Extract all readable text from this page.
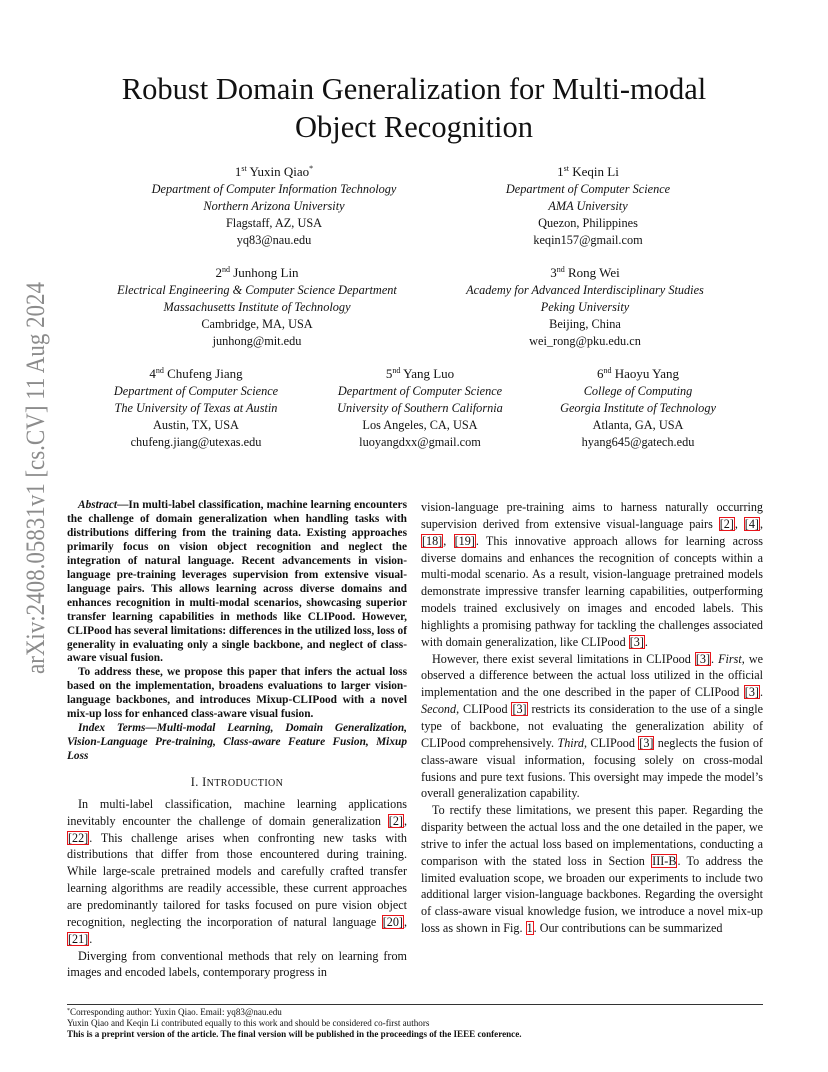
arXiv:2408.05831v1 [cs.CV] 11 Aug 2024
Robust Domain Generalization for Multi-modal
Object Recognition
1st Yuxin Qiao*
Department of Computer Information Technology
Northern Arizona University
Flagstaff, AZ, USA
yq83@nau.edu
1st Keqin Li
Department of Computer Science
AMA University
Quezon, Philippines
keqin157@gmail.com
2nd Junhong Lin
Electrical Engineering & Computer Science Department
Massachusetts Institute of Technology
Cambridge, MA, USA
junhong@mit.edu
3nd Rong Wei
Academy for Advanced Interdisciplinary Studies
Peking University
Beijing, China
wei_rong@pku.edu.cn
4nd Chufeng Jiang
Department of Computer Science
The University of Texas at Austin
Austin, TX, USA
chufeng.jiang@utexas.edu
5nd Yang Luo
Department of Computer Science
University of Southern California
Los Angeles, CA, USA
luoyangdxx@gmail.com
6nd Haoyu Yang
College of Computing
Georgia Institute of Technology
Atlanta, GA, USA
hyang645@gatech.edu

Abstract—In multi-label classification, machine learning encounters the challenge of domain generalization when handling tasks with distributions differing from the training data. Existing approaches primarily focus on vision object recognition and neglect the integration of natural language. Recent advancements in vision-language pre-training leverages supervision from extensive visual-language pairs. This allows learning across diverse domains and enhances recognition in multi-modal scenarios, showcasing superior transfer learning capabilities in methods like CLIPood. However, CLIPood has several limitations: differences in the utilized loss, loss of generality in evaluating only a single backbone, and neglect of class-aware visual fusion.

To address these, we propose this paper that infers the actual loss based on the implementation, broadens evaluations to larger vision-language backbones, and introduces Mixup-CLIPood with a novel mix-up loss for enhanced class-aware visual fusion.

Index Terms—Multi-modal Learning, Domain Generalization, Vision-Language Pre-training, Class-aware Feature Fusion, Mixup Loss

I. INTRODUCTION

In multi-label classification, machine learning applications inevitably encounter the challenge of domain generalization [2], [22]. This challenge arises when confronting new tasks with distributions that differ from those encountered during training. While large-scale pretrained models and carefully crafted transfer learning algorithms are readily accessible, these current approaches are predominantly tailored for tasks focused on pure vision object recognition, neglecting the incorporation of natural language [20], [21].

Diverging from conventional methods that rely on learning from images and encoded labels, contemporary progress in

vision-language pre-training aims to harness naturally occurring supervision derived from extensive visual-language pairs [2], [4], [18], [19]. This innovative approach allows for learning across diverse domains and enhances the recognition of concepts within a multi-modal scenario. As a result, vision-language pretrained models demonstrate impressive transfer learning capabilities, outperforming models trained exclusively on images and encoded labels. This highlights a promising pathway for tackling the challenges associated with domain generalization, like CLIPood [3].

However, there exist several limitations in CLIPood [3]. First, we observed a difference between the actual loss utilized in the official implementation and the one described in the paper of CLIPood [3]. Second, CLIPood [3] restricts its consideration to the use of a single type of backbone, not evaluating the generalization ability of CLIPood comprehensively. Third, CLIPood [3] neglects the fusion of class-aware visual information, focusing solely on cross-modal fusions and pure text fusions. This oversight may impede the model’s overall generalization capability.

To rectify these limitations, we present this paper. Regarding the disparity between the actual loss and the one detailed in the paper, we strive to infer the actual loss based on implementations, conducting a comparison with the stated loss in Section III-B. To address the limited evaluation scope, we broaden our experiments to include two additional larger vision-language backbones. Regarding the oversight of class-aware visual knowledge fusion, we introduce a novel mix-up loss as shown in Fig. 1. Our contributions can be summarized

*Corresponding author: Yuxin Qiao. Email: yq83@nau.edu
Yuxin Qiao and Keqin Li contributed equally to this work and should be considered co-first authors
This is a preprint version of the article. The final version will be published in the proceedings of the IEEE conference.
